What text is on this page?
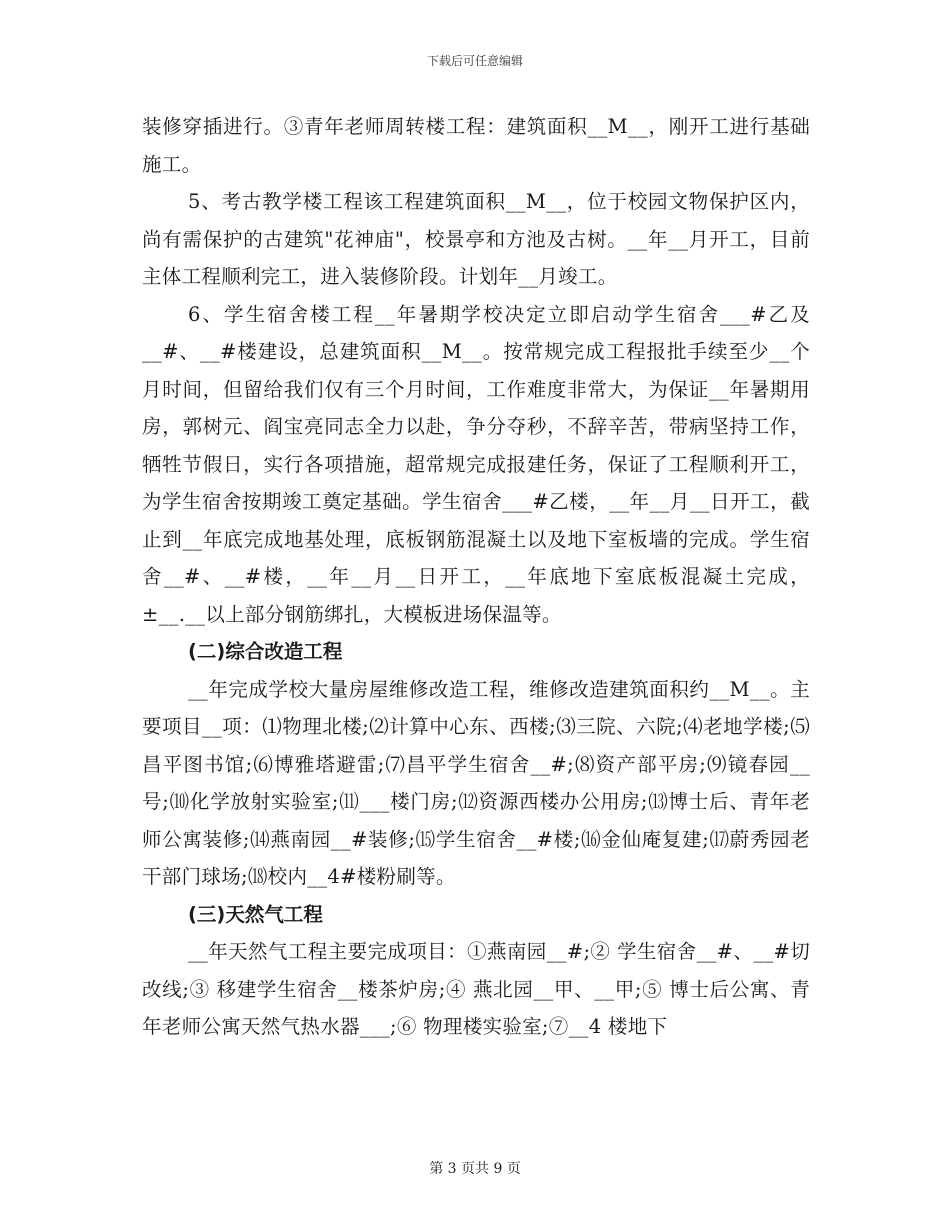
下载后可任意编辑

装修穿插进行。③青年老师周转楼工程：建筑面积__M__，刚开工进行基础施工。

5、考古教学楼工程该工程建筑面积__M__，位于校园文物保护区内，尚有需保护的古建筑"花神庙"，校景亭和方池及古树。__年__月开工，目前主体工程顺利完工，进入装修阶段。计划年__月竣工。

6、学生宿舍楼工程__年暑期学校决定立即启动学生宿舍___#乙及__#、__#楼建设，总建筑面积__M__。按常规完成工程报批手续至少__个月时间，但留给我们仅有三个月时间，工作难度非常大，为保证__年暑期用房，郭树元、阎宝亮同志全力以赴，争分夺秒，不辞辛苦，带病坚持工作，牺牲节假日，实行各项措施，超常规完成报建任务，保证了工程顺利开工，为学生宿舍按期竣工奠定基础。学生宿舍___#乙楼，__年__月__日开工，截止到__年底完成地基处理，底板钢筋混凝土以及地下室板墙的完成。学生宿舍__#、__#楼，__年__月__日开工，__年底地下室底板混凝土完成，±__.__以上部分钢筋绑扎，大模板进场保温等。

(二)综合改造工程

__年完成学校大量房屋维修改造工程，维修改造建筑面积约__M__。主要项目__项：⑴物理北楼;⑵计算中心东、西楼;⑶三院、六院;⑷老地学楼;⑸昌平图书馆;⑹博雅塔避雷;⑺昌平学生宿舍__#;⑻资产部平房;⑼镜春园__号;⑽化学放射实验室;⑾___楼门房;⑿资源西楼办公用房;⒀博士后、青年老师公寓装修;⒁燕南园__#装修;⒂学生宿舍__#楼;⒃金仙庵复建;⒄蔚秀园老干部门球场;⒅校内__4#楼粉刷等。

(三)天然气工程

__年天然气工程主要完成项目：①燕南园__#;② 学生宿舍__#、__#切改线;③ 移建学生宿舍__楼茶炉房;④ 燕北园__甲、__甲;⑤ 博士后公寓、青年老师公寓天然气热水器___;⑥ 物理楼实验室;⑦__4 楼地下

第 3 页共 9 页
